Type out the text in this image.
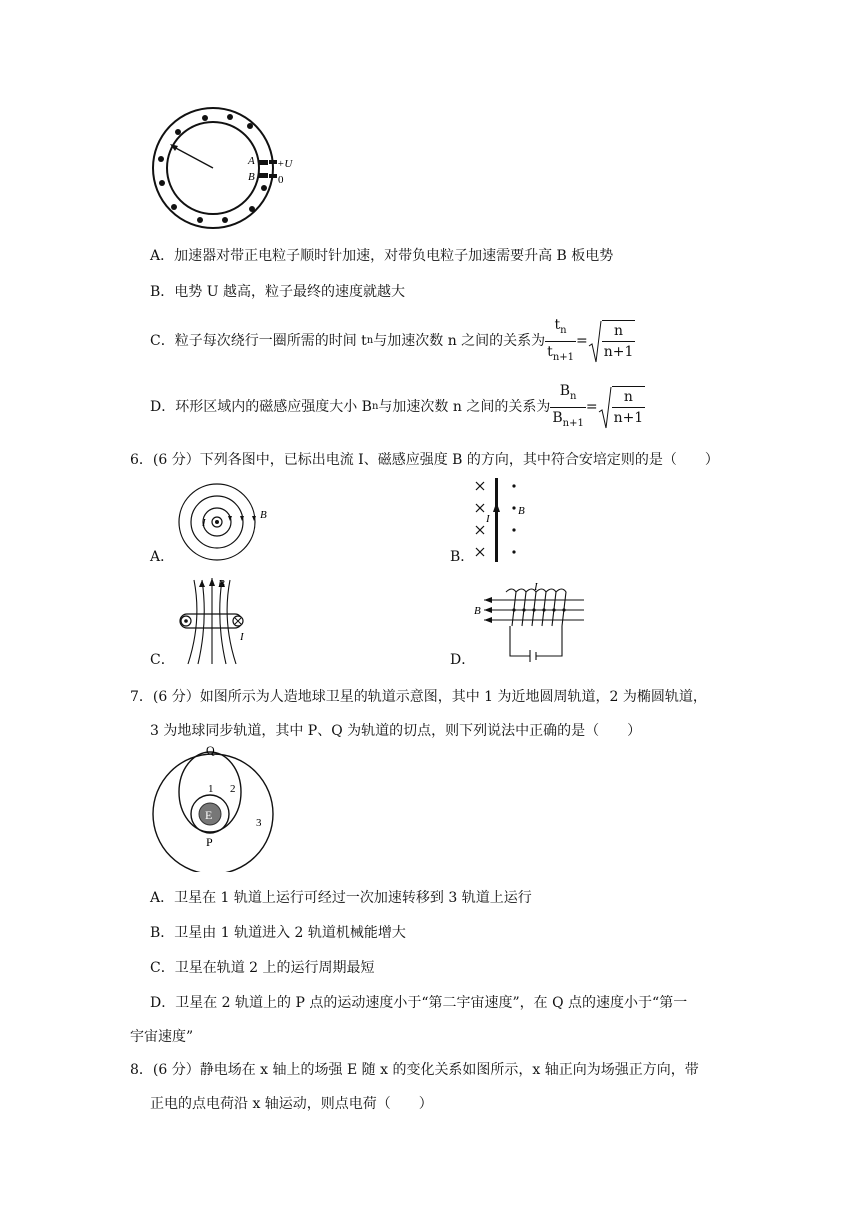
A
B
+U
0
A．加速器对带正电粒子顺时针加速，对带负电粒子加速需要升高 B 板电势
B．电势 U 越高，粒子最终的速度就越大
C．粒子每次绕行一圈所需的时间 t n 与加速次数 n 之间的关系为 $\frac{t_n}{t_{n+1}} = \frac{n}{n+1}$
D．环形区域内的磁感应强度大小 B n 与加速次数 n 之间的关系为 $\frac{B_n}{B_{n+1}} = \frac{n}{n+1}$
6．(6 分）下列各图中，已标出电流 I、磁感应强度 B 的方向，其中符合安培定则的是（　　）
A．
I
B
B．
I
B
C．
B
I
D．
B
I
7．(6 分）如图所示为人造地球卫星的轨道示意图，其中 1 为近地圆周轨道，2 为椭圆轨道，
3 为地球同步轨道，其中 P、Q 为轨道的切点，则下列说法中正确的是（　　）
E
Q
P
1 2
3
A．卫星在 1 轨道上运行可经过一次加速转移到 3 轨道上运行
B．卫星由 1 轨道进入 2 轨道机械能增大
C．卫星在轨道 2 上的运行周期最短
D．卫星在 2 轨道上的 P 点的运动速度小于“第二宇宙速度”，在 Q 点的速度小于“第一
宇宙速度”
8．(6 分）静电场在 x 轴上的场强 E 随 x 的变化关系如图所示，x 轴正向为场强正方向，带
正电的点电荷沿 x 轴运动，则点电荷（　　）
